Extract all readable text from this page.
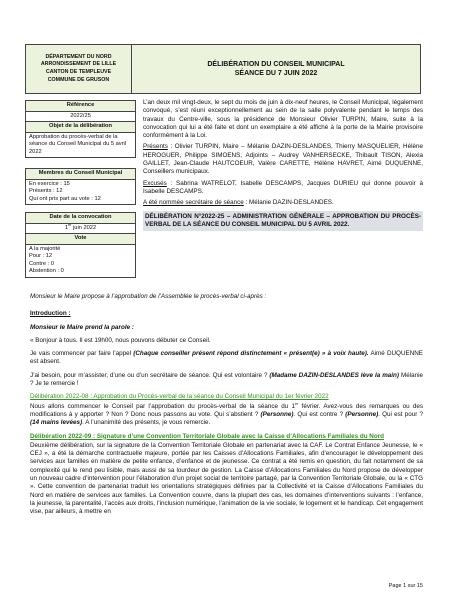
DÉPARTEMENT DU NORD
ARRONDISSEMENT DE LILLE
CANTON DE TEMPLEUVE
COMMUNE DE GRUSON
DÉLIBÉRATION DU CONSEIL MUNICIPAL
SÉANCE DU 7 JUIN 2022
Référence
2022/25
Objet de la délibération
Approbation du procès-verbal de la séance du Conseil Municipal du 5 avril 2022
Membres du Conseil Municipal
En exercice : 15
Présents : 12
Qui ont pris part au vote : 12
Date de la convocation
1er juin 2022
Vote
A la majorité
Pour : 12
Contre : 0
Abstention : 0

L’an deux mil vingt-deux, le sept du mois de juin à dix-neuf heures, le Conseil Municipal, légalement convoqué, s’est réuni exceptionnellement au sein de la salle polyvalente pendant le temps des travaux du Centre-ville, sous la présidence de Monsieur Olivier TURPIN, Maire, suite à la convocation qui lui a été faite et dont un exemplaire a été affiché à la porte de la Mairie provisoire conformément à la Loi.

Présents : Olivier TURPIN, Maire – Mélanie DAZIN-DESLANDES, Thierry MASQUELIER, Hélène HEROGUER, Philippe SIMOENS, Adjoints – Audrey VANHERSECKE, Thibault TISON, Alexia GAILLET, Jean-Claude HAUTCOEUR, Valère CARETTE, Hélène HAVRET, Aimé DUQUENNE, Conseillers municipaux.

Excusés : Sabrina WATRELOT, Isabelle DESCAMPS, Jacques DURIEU qui donne pouvoir à Isabelle DESCAMPS.

A été nommée secrétaire de séance : Mélanie DAZIN-DESLANDES.

DÉLIBÉRATION N°2022-25 – ADMINISTRATION GÉNÉRALE – APPROBATION DU PROCÈS-VERBAL DE LA SÉANCE DU CONSEIL MUNICIPAL DU 5 AVRIL 2022.

Monsieur le Maire propose à l’approbation de l’Assemblée le procès-verbal ci-après :

Introduction :

Monsieur le Maire prend la parole :

« Bonjour à tous. Il est 19h00, nous pouvons débuter ce Conseil.

Je vais commencer par faire l’appel (Chaque conseiller présent répond distinctement « présent(e) » à voix haute). Aimé DUQUENNE est absent.

J’ai besoin, pour m’assister, d’une ou d’un secrétaire de séance. Qui est volontaire ? (Madame DAZIN-DESLANDES lève la main) Mélanie ? Je te remercie !

Délibération 2022-08 : Approbation du Procès-verbal de la séance du Conseil Municipal du 1er février 2022

Nous allons commencer le Conseil par l’approbation du procès-verbal de la séance du 1er février. Avez-vous des remarques ou des modifications à y apporter ? Non ? Donc nous passons au vote. Qui s’abstient ? (Personne). Qui est contre ? (Personne). Qui est pour ? (14 mains levées). A l’unanimité des présents, je vous remercie.

Délibération 2022-09 : Signature d’une Convention Territoriale Globale avec la Caisse d’Allocations Familiales du Nord

Deuxième délibération, sur la signature de la Convention Territoriale Globale en partenariat avec la CAF. Le Contrat Enfance Jeunesse, le « CEJ », a été la démarche contractuelle majeure, portée par les Caisses d’Allocations Familiales, afin d’encourager le développement des services aux familles en matière de petite enfance, d’enfance et de jeunesse. Ce contrat a été remis en question, du fait notamment de sa complexité qui le rend peu lisible, mais aussi de sa lourdeur de gestion. La Caisse d’Allocations Familiales du Nord propose de développer un nouveau cadre d’intervention pour l’élaboration d’un projet social de territoire partagé, par la Convention Territoriale Globale, ou la « CTG ». Cette convention de partenariat traduit les orientations stratégiques définies par la Collectivité et la Caisse d’Allocations Familiales du Nord en matière de services aux familles. La Convention couvre, dans la plupart des cas, les domaines d’interventions suivants : l’enfance, la jeunesse, la parentalité, l’accès aux droits, l’inclusion numérique, l’animation de la vie sociale, le logement et le handicap. Cet engagement vise, par ailleurs, à mettre en

Page 1 sur 15
